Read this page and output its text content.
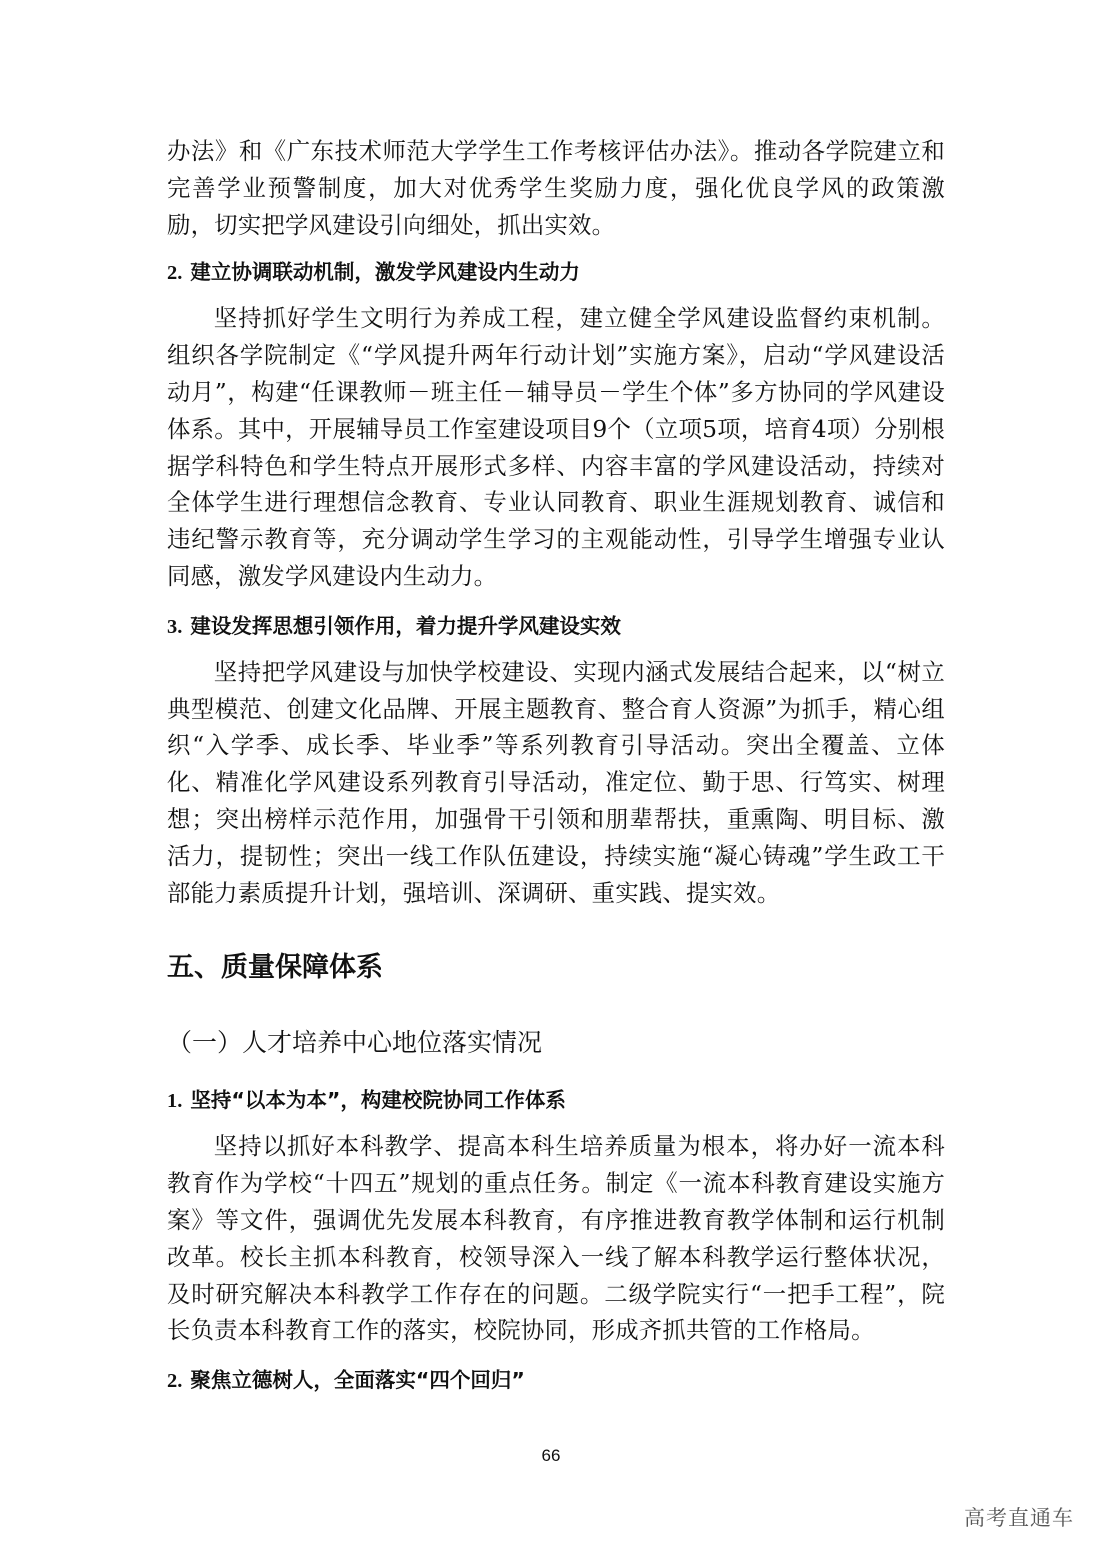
办法》和《广东技术师范大学学生工作考核评估办法》。推动各学院建立和完善学业预警制度，加大对优秀学生奖励力度，强化优良学风的政策激励，切实把学风建设引向细处，抓出实效。

2. 建立协调联动机制，激发学风建设内生动力

坚持抓好学生文明行为养成工程，建立健全学风建设监督约束机制。组织各学院制定《“学风提升两年行动计划”实施方案》，启动“学风建设活动月”，构建“任课教师－班主任－辅导员－学生个体”多方协同的学风建设体系。其中，开展辅导员工作室建设项目9个（立项5项，培育4项）分别根据学科特色和学生特点开展形式多样、内容丰富的学风建设活动，持续对全体学生进行理想信念教育、专业认同教育、职业生涯规划教育、诚信和违纪警示教育等，充分调动学生学习的主观能动性，引导学生增强专业认同感，激发学风建设内生动力。

3. 建设发挥思想引领作用，着力提升学风建设实效

坚持把学风建设与加快学校建设、实现内涵式发展结合起来，以“树立典型模范、创建文化品牌、开展主题教育、整合育人资源”为抓手，精心组织“入学季、成长季、毕业季”等系列教育引导活动。突出全覆盖、立体化、精准化学风建设系列教育引导活动，准定位、勤于思、行笃实、树理想；突出榜样示范作用，加强骨干引领和朋辈帮扶，重熏陶、明目标、激活力，提韧性；突出一线工作队伍建设，持续实施“凝心铸魂”学生政工干部能力素质提升计划，强培训、深调研、重实践、提实效。

五、质量保障体系

（一）人才培养中心地位落实情况

1. 坚持“以本为本”，构建校院协同工作体系

坚持以抓好本科教学、提高本科生培养质量为根本，将办好一流本科教育作为学校“十四五”规划的重点任务。制定《一流本科教育建设实施方案》等文件，强调优先发展本科教育，有序推进教育教学体制和运行机制改革。校长主抓本科教育，校领导深入一线了解本科教学运行整体状况，及时研究解决本科教学工作存在的问题。二级学院实行“一把手工程”，院长负责本科教育工作的落实，校院协同，形成齐抓共管的工作格局。

2. 聚焦立德树人，全面落实“四个回归”

66
高考直通车
